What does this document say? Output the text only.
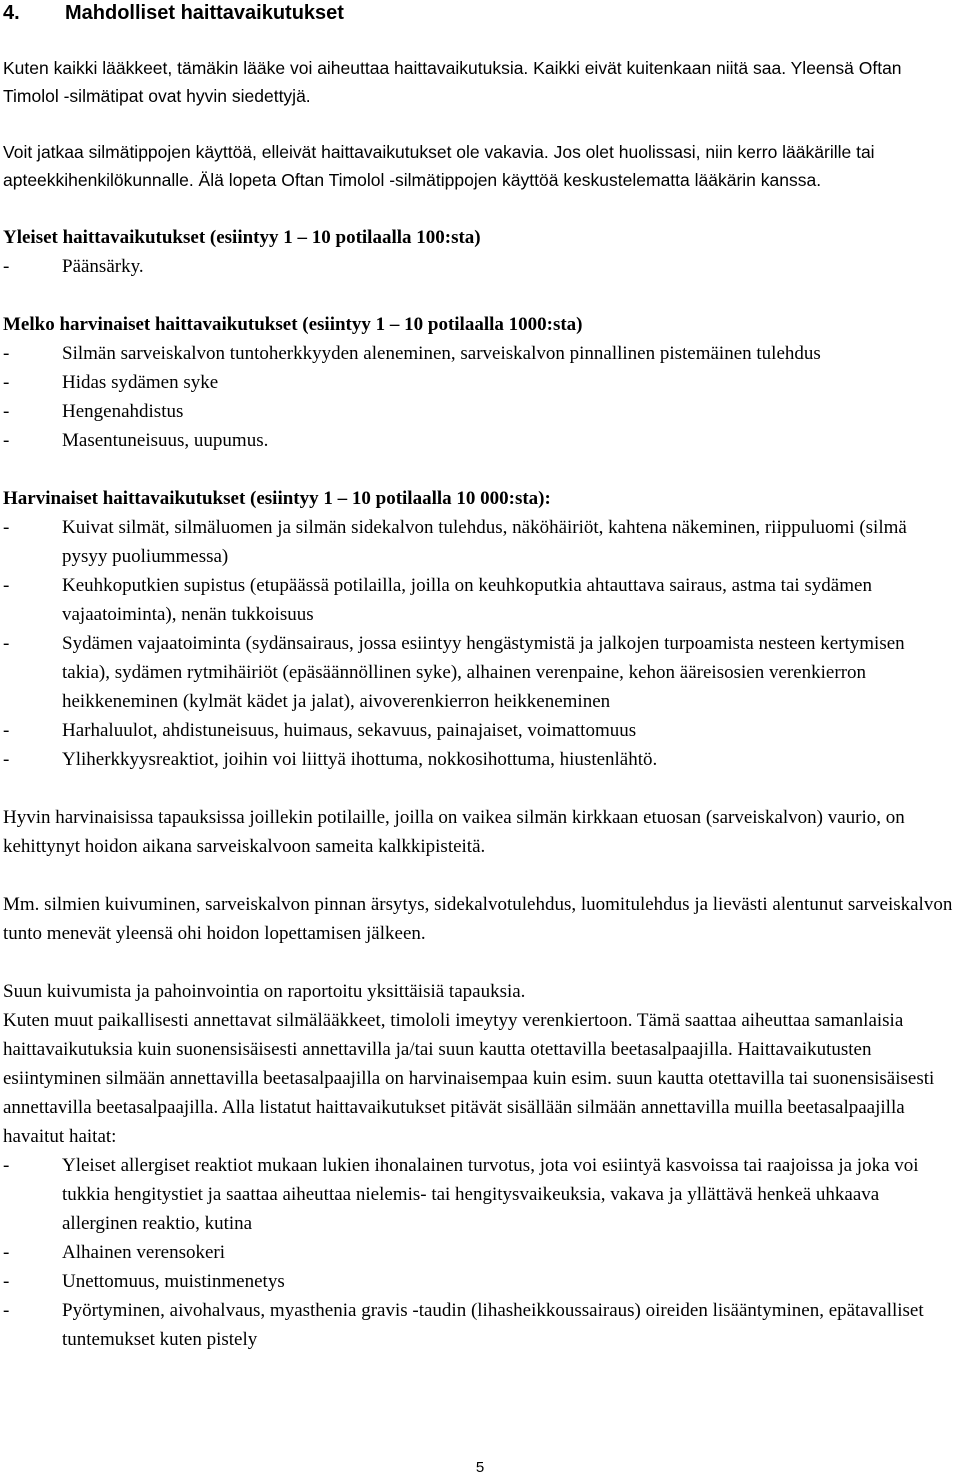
4.	Mahdolliset haittavaikutukset

Kuten kaikki lääkkeet, tämäkin lääke voi aiheuttaa haittavaikutuksia. Kaikki eivät kuitenkaan niitä saa. Yleensä Oftan Timolol -silmätipat ovat hyvin siedettyjä.

Voit jatkaa silmätippojen käyttöä, elleivät haittavaikutukset ole vakavia. Jos olet huolissasi, niin kerro lääkärille tai apteekkihenkilökunnalle. Älä lopeta Oftan Timolol -silmätippojen käyttöä keskustelematta lääkärin kanssa.

Yleiset haittavaikutukset (esiintyy 1 – 10 potilaalla 100:sta)

-	Päänsärky.

Melko harvinaiset haittavaikutukset (esiintyy 1 – 10 potilaalla 1000:sta)

-	Silmän sarveiskalvon tuntoherkkyyden aleneminen, sarveiskalvon pinnallinen pistemäinen tulehdus
-	Hidas sydämen syke
-	Hengenahdistus
-	Masentuneisuus, uupumus.

Harvinaiset haittavaikutukset (esiintyy 1 – 10 potilaalla 10 000:sta):

-	Kuivat silmät, silmäluomen ja silmän sidekalvon tulehdus, näköhäiriöt, kahtena näkeminen, riippuluomi (silmä pysyy puoliummessa)
-	Keuhkoputkien supistus (etupäässä potilailla, joilla on keuhkoputkia ahtauttava sairaus, astma tai sydämen vajaatoiminta), nenän tukkoisuus
-	Sydämen vajaatoiminta (sydänsairaus, jossa esiintyy hengästymistä ja jalkojen turpoamista nesteen kertymisen takia), sydämen rytmihäiriöt (epäsäännöllinen syke), alhainen verenpaine, kehon ääreisosien verenkierron heikkeneminen (kylmät kädet ja jalat), aivoverenkierron heikkeneminen
-	Harhaluulot, ahdistuneisuus, huimaus, sekavuus, painajaiset, voimattomuus
-	Yliherkkyysreaktiot, joihin voi liittyä ihottuma, nokkosihottuma, hiustenlähtö.

Hyvin harvinaisissa tapauksissa joillekin potilaille, joilla on vaikea silmän kirkkaan etuosan (sarveiskalvon) vaurio, on kehittynyt hoidon aikana sarveiskalvoon sameita kalkkipisteitä.

Mm. silmien kuivuminen, sarveiskalvon pinnan ärsytys, sidekalvotulehdus, luomitulehdus ja lievästi alentunut sarveiskalvon tunto menevät yleensä ohi hoidon lopettamisen jälkeen.

Suun kuivumista ja pahoinvointia on raportoitu yksittäisiä tapauksia.

Kuten muut paikallisesti annettavat silmälääkkeet, timololi imeytyy verenkiertoon. Tämä saattaa aiheuttaa samanlaisia haittavaikutuksia kuin suonensisäisesti annettavilla ja/tai suun kautta otettavilla beetasalpaajilla. Haittavaikutusten esiintyminen silmään annettavilla beetasalpaajilla on harvinaisempaa kuin esim. suun kautta otettavilla tai suonensisäisesti annettavilla beetasalpaajilla. Alla listatut haittavaikutukset pitävät sisällään silmään annettavilla muilla beetasalpaajilla havaitut haitat:

-	Yleiset allergiset reaktiot mukaan lukien ihonalainen turvotus, jota voi esiintyä kasvoissa tai raajoissa ja joka voi tukkia hengitystiet ja saattaa aiheuttaa nielemis- tai hengitysvaikeuksia, vakava ja yllättävä henkeä uhkaava allerginen reaktio, kutina
-	Alhainen verensokeri
-	Unettomuus, muistinmenetys
-	Pyörtyminen, aivohalvaus, myasthenia gravis -taudin (lihasheikkoussairaus) oireiden lisääntyminen, epätavalliset tuntemukset kuten pistely
5
